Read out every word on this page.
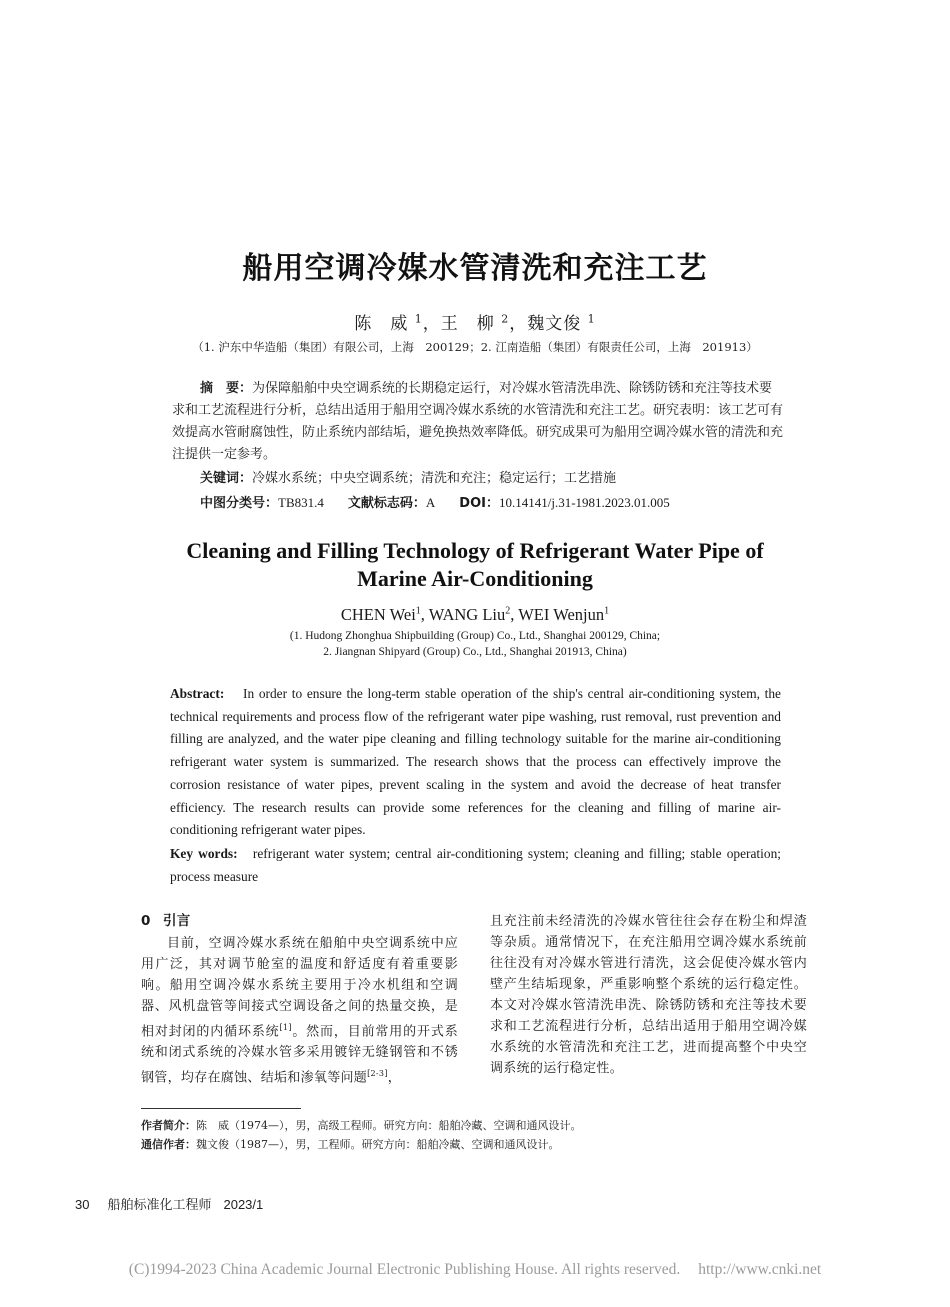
船用空调冷媒水管清洗和充注工艺
陈　威 $^1$，王　柳 $^2$，魏文俊 $^1$
（1. 沪东中华造船（集团）有限公司，上海　200129；2. 江南造船（集团）有限责任公司，上海　201913）
摘　要：为保障船舶中央空调系统的长期稳定运行，对冷媒水管清洗串洗、除锈防锈和充注等技术要求和工艺流程进行分析，总结出适用于船用空调冷媒水系统的水管清洗和充注工艺。研究表明：该工艺可有效提高水管耐腐蚀性，防止系统内部结垢，避免换热效率降低。研究成果可为船用空调冷媒水管的清洗和充注提供一定参考。
关键词：冷媒水系统；中央空调系统；清洗和充注；稳定运行；工艺措施
中图分类号：TB831.4 文献标志码：A DOI：10.14141/j.31-1981.2023.01.005
Cleaning and Filling Technology of Refrigerant Water Pipe of Marine Air-Conditioning
CHEN Wei$^1$, WANG Liu$^2$, WEI Wenjun$^1$
(1. Hudong Zhonghua Shipbuilding (Group) Co., Ltd., Shanghai 200129, China;
2. Jiangnan Shipyard (Group) Co., Ltd., Shanghai 201913, China)
Abstract: In order to ensure the long-term stable operation of the ship's central air-conditioning system, the technical requirements and process flow of the refrigerant water pipe washing, rust removal, rust prevention and filling are analyzed, and the water pipe cleaning and filling technology suitable for the marine air-conditioning refrigerant water system is summarized. The research shows that the process can effectively improve the corrosion resistance of water pipes, prevent scaling in the system and avoid the decrease of heat transfer efficiency. The research results can provide some references for the cleaning and filling of marine air-conditioning refrigerant water pipes.
Key words: refrigerant water system; central air-conditioning system; cleaning and filling; stable operation; process measure
0 引言
目前，空调冷媒水系统在船舶中央空调系统中应用广泛，其对调节舱室的温度和舒适度有着重要影响。船用空调冷媒水系统主要用于冷水机组和空调器、风机盘管等间接式空调设备之间的热量交换，是相对封闭的内循环系统[1]。然而，目前常用的开式系统和闭式系统的冷媒水管多采用镀锌无缝钢管和不锈钢管，均存在腐蚀、结垢和渗氧等问题[2-3]，
且充注前未经清洗的冷媒水管往往会存在粉尘和焊渣等杂质。通常情况下，在充注船用空调冷媒水系统前往往没有对冷媒水管进行清洗，这会促使冷媒水管内壁产生结垢现象，严重影响整个系统的运行稳定性。本文对冷媒水管清洗串洗、除锈防锈和充注等技术要求和工艺流程进行分析，总结出适用于船用空调冷媒水系统的水管清洗和充注工艺，进而提高整个中央空调系统的运行稳定性。
作者简介：陈　威（1974—），男，高级工程师。研究方向：船舶冷藏、空调和通风设计。
通信作者：魏文俊（1987—），男，工程师。研究方向：船舶冷藏、空调和通风设计。
30 船舶标准化工程师 2023/1
(C)1994-2023 China Academic Journal Electronic Publishing House. All rights reserved. http://www.cnki.net
